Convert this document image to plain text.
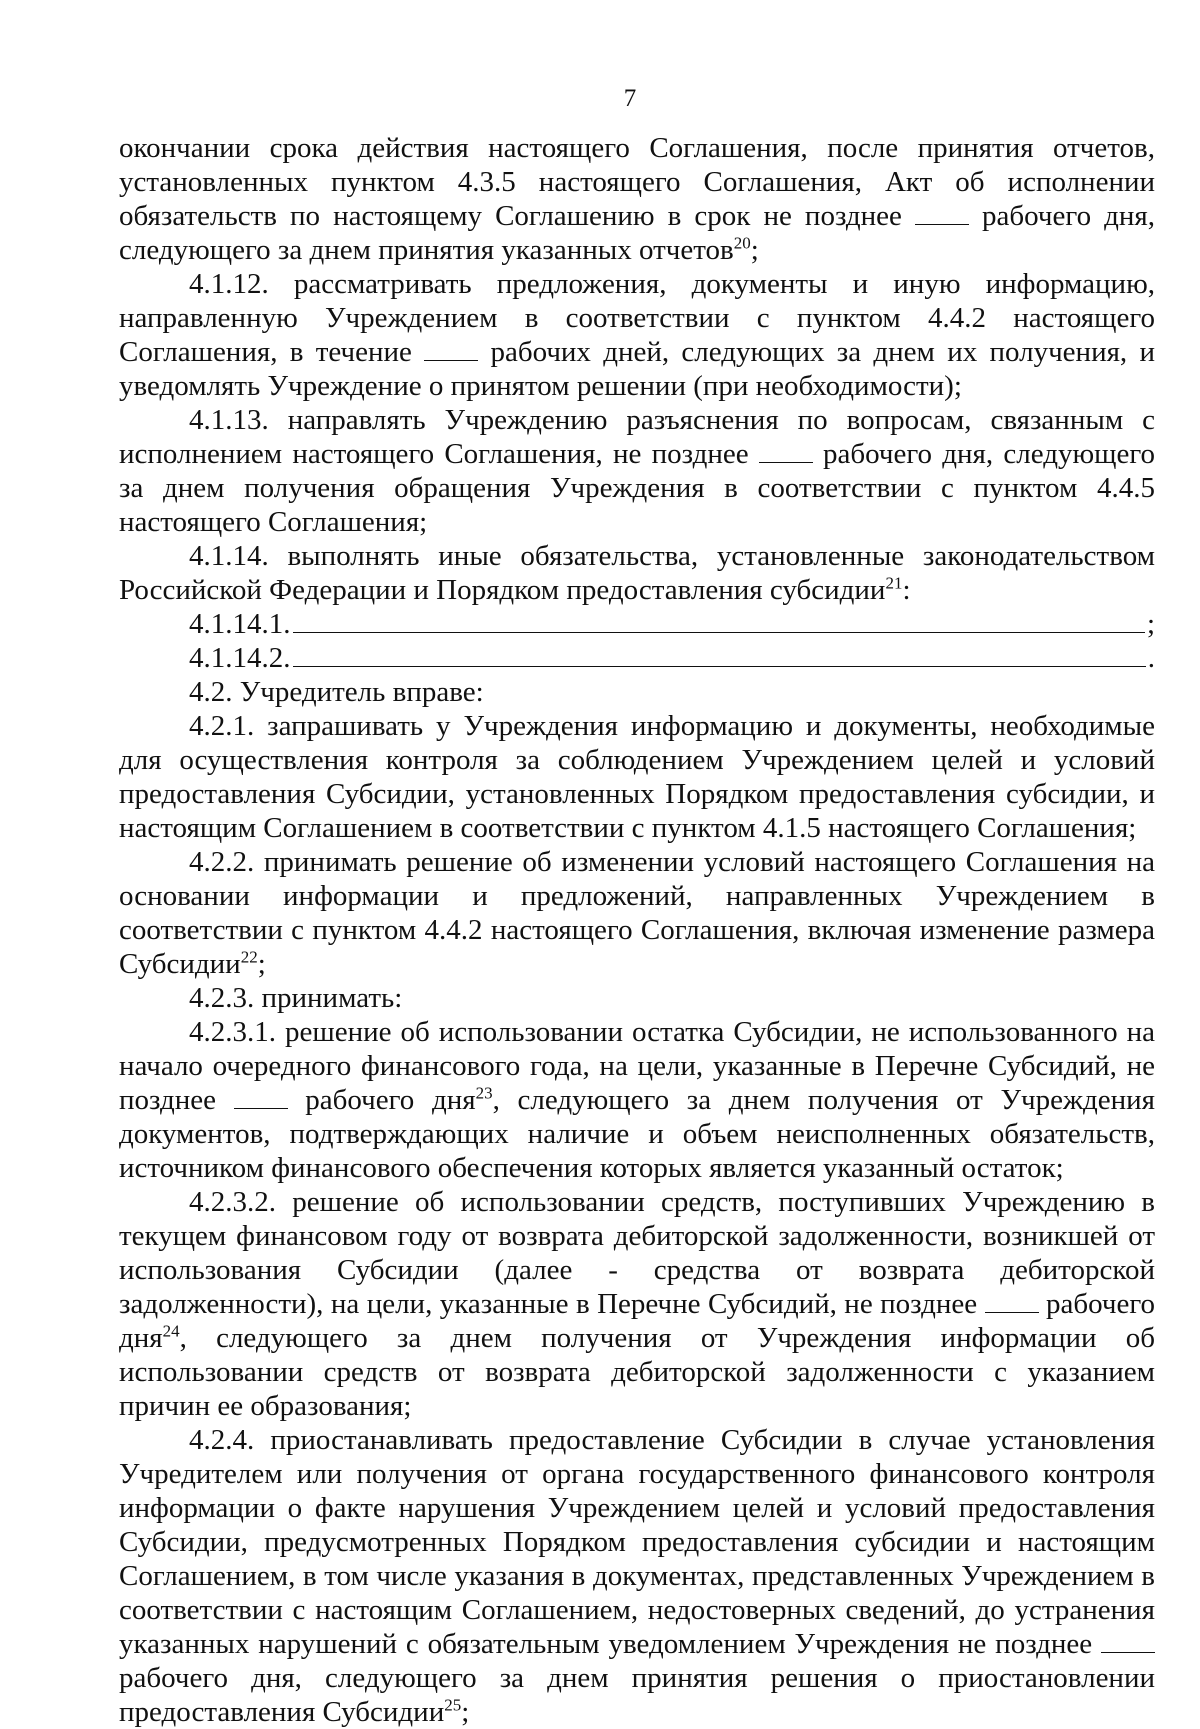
7

окончании срока действия настоящего Соглашения, после принятия отчетов, установленных пунктом 4.3.5 настоящего Соглашения, Акт об исполнении обязательств по настоящему Соглашению в срок не позднее  рабочего дня, следующего за днем принятия указанных отчетов$^{20}$;

4.1.12. рассматривать предложения, документы и иную информацию, направленную Учреждением в соответствии с пунктом 4.4.2 настоящего Соглашения, в течение  рабочих дней, следующих за днем их получения, и уведомлять Учреждение о принятом решении (при необходимости);

4.1.13. направлять Учреждению разъяснения по вопросам, связанным с исполнением настоящего Соглашения, не позднее  рабочего дня, следующего за днем получения обращения Учреждения в соответствии с пунктом 4.4.5 настоящего Соглашения;

4.1.14. выполнять иные обязательства, установленные законодательством Российской Федерации и Порядком предоставления субсидии$^{21}$:

4.1.14.1.	;
4.1.14.2.	.

4.2. Учредитель вправе:

4.2.1. запрашивать у Учреждения информацию и документы, необходимые для осуществления контроля за соблюдением Учреждением целей и условий предоставления Субсидии, установленных Порядком предоставления субсидии, и настоящим Соглашением в соответствии с пунктом 4.1.5 настоящего Соглашения;

4.2.2. принимать решение об изменении условий настоящего Соглашения на основании информации и предложений, направленных Учреждением в соответствии с пунктом 4.4.2 настоящего Соглашения, включая изменение размера Субсидии$^{22}$;

4.2.3. принимать:

4.2.3.1. решение об использовании остатка Субсидии, не использованного на начало очередного финансового года, на цели, указанные в Перечне Субсидий, не позднее  рабочего дня$^{23}$, следующего за днем получения от Учреждения документов, подтверждающих наличие и объем неисполненных обязательств, источником финансового обеспечения которых является указанный остаток;

4.2.3.2. решение об использовании средств, поступивших Учреждению в текущем финансовом году от возврата дебиторской задолженности, возникшей от использования Субсидии (далее - средства от возврата дебиторской задолженности), на цели, указанные в Перечне Субсидий, не позднее  рабочего дня$^{24}$, следующего за днем получения от Учреждения информации об использовании средств от возврата дебиторской задолженности с указанием причин ее образования;

4.2.4. приостанавливать предоставление Субсидии в случае установления Учредителем или получения от органа государственного финансового контроля информации о факте нарушения Учреждением целей и условий предоставления Субсидии, предусмотренных Порядком предоставления субсидии и настоящим Соглашением, в том числе указания в документах, представленных Учреждением в соответствии с настоящим Соглашением, недостоверных сведений, до устранения указанных нарушений с обязательным уведомлением Учреждения не позднее  рабочего дня, следующего за днем принятия решения о приостановлении предоставления Субсидии$^{25}$;
